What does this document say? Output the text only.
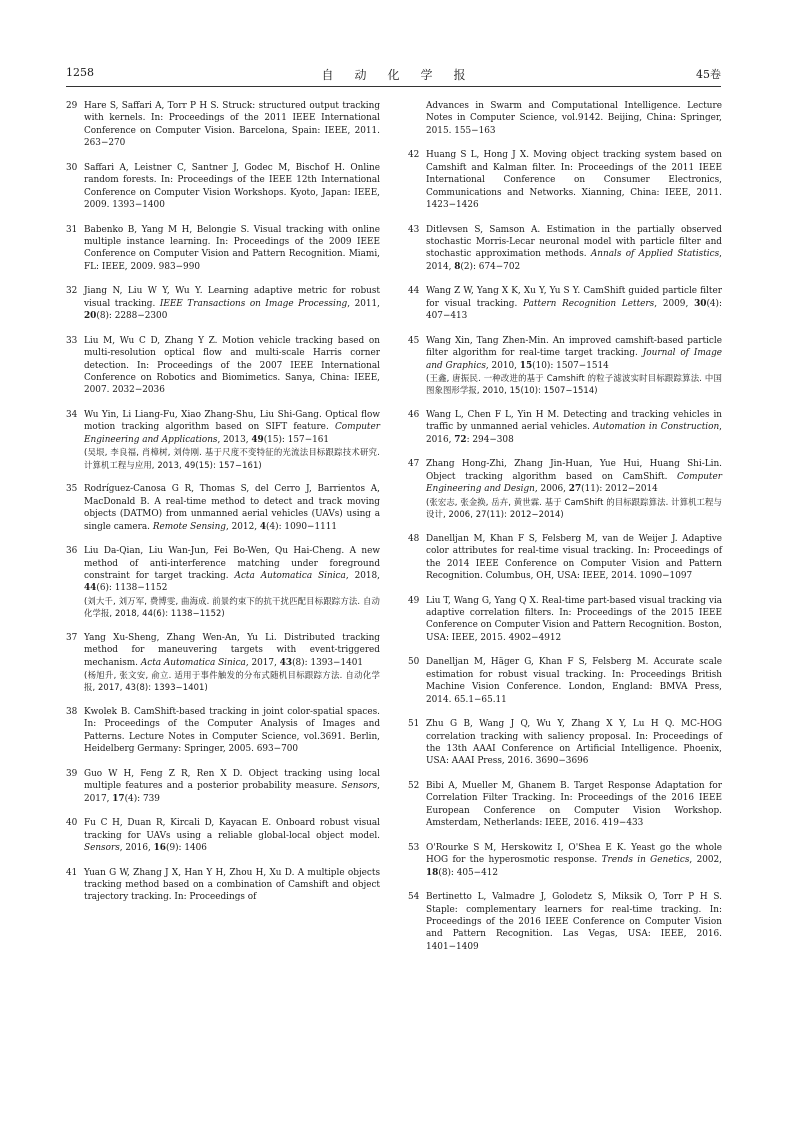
1258	自动化学报	45卷
29 Hare S, Saffari A, Torr P H S. Struck: structured output tracking with kernels. In: Proceedings of the 2011 IEEE International Conference on Computer Vision. Barcelona, Spain: IEEE, 2011. 263−270
30 Saffari A, Leistner C, Santner J, Godec M, Bischof H. Online random forests. In: Proceedings of the IEEE 12th International Conference on Computer Vision Workshops. Kyoto, Japan: IEEE, 2009. 1393−1400
31 Babenko B, Yang M H, Belongie S. Visual tracking with online multiple instance learning. In: Proceedings of the 2009 IEEE Conference on Computer Vision and Pattern Recognition. Miami, FL: IEEE, 2009. 983−990
32 Jiang N, Liu W Y, Wu Y. Learning adaptive metric for robust visual tracking. IEEE Transactions on Image Processing, 2011, 20(8): 2288−2300
33 Liu M, Wu C D, Zhang Y Z. Motion vehicle tracking based on multi-resolution optical flow and multi-scale Harris corner detection. In: Proceedings of the 2007 IEEE International Conference on Robotics and Biomimetics. Sanya, China: IEEE, 2007. 2032−2036
34 Wu Yin, Li Liang-Fu, Xiao Zhang-Shu, Liu Shi-Gang. Optical flow motion tracking algorithm based on SIFT feature. Computer Engineering and Applications, 2013, 49(15): 157−161
(吴垠, 李良福, 肖樟树, 刘侍刚. 基于尺度不变特征的光流法目标跟踪技术研究. 计算机工程与应用, 2013, 49(15): 157−161)
35 Rodríguez-Canosa G R, Thomas S, del Cerro J, Barrientos A, MacDonald B. A real-time method to detect and track moving objects (DATMO) from unmanned aerial vehicles (UAVs) using a single camera. Remote Sensing, 2012, 4(4): 1090−1111
36 Liu Da-Qian, Liu Wan-Jun, Fei Bo-Wen, Qu Hai-Cheng. A new method of anti-interference matching under foreground constraint for target tracking. Acta Automatica Sinica, 2018, 44(6): 1138−1152
(刘大千, 刘万军, 费博雯, 曲海成. 前景约束下的抗干扰匹配目标跟踪方法. 自动化学报, 2018, 44(6): 1138−1152)
37 Yang Xu-Sheng, Zhang Wen-An, Yu Li. Distributed tracking method for maneuvering targets with event-triggered mechanism. Acta Automatica Sinica, 2017, 43(8): 1393−1401
(杨旭升, 张文安, 俞立. 适用于事件触发的分布式随机目标跟踪方法. 自动化学报, 2017, 43(8): 1393−1401)
38 Kwolek B. CamShift-based tracking in joint color-spatial spaces. In: Proceedings of the Computer Analysis of Images and Patterns. Lecture Notes in Computer Science, vol.3691. Berlin, Heidelberg Germany: Springer, 2005. 693−700
39 Guo W H, Feng Z R, Ren X D. Object tracking using local multiple features and a posterior probability measure. Sensors, 2017, 17(4): 739
40 Fu C H, Duan R, Kircali D, Kayacan E. Onboard robust visual tracking for UAVs using a reliable global-local object model. Sensors, 2016, 16(9): 1406
41 Yuan G W, Zhang J X, Han Y H, Zhou H, Xu D. A multiple objects tracking method based on a combination of Camshift and object trajectory tracking. In: Proceedings of
Advances in Swarm and Computational Intelligence. Lecture Notes in Computer Science, vol.9142. Beijing, China: Springer, 2015. 155−163
42 Huang S L, Hong J X. Moving object tracking system based on Camshift and Kalman filter. In: Proceedings of the 2011 IEEE International Conference on Consumer Electronics, Communications and Networks. Xianning, China: IEEE, 2011. 1423−1426
43 Ditlevsen S, Samson A. Estimation in the partially observed stochastic Morris-Lecar neuronal model with particle filter and stochastic approximation methods. Annals of Applied Statistics, 2014, 8(2): 674−702
44 Wang Z W, Yang X K, Xu Y, Yu S Y. CamShift guided particle filter for visual tracking. Pattern Recognition Letters, 2009, 30(4): 407−413
45 Wang Xin, Tang Zhen-Min. An improved camshift-based particle filter algorithm for real-time target tracking. Journal of Image and Graphics, 2010, 15(10): 1507−1514
(王鑫, 唐振民. 一种改进的基于 Camshift 的粒子滤波实时目标跟踪算法. 中国图象图形学报, 2010, 15(10): 1507−1514)
46 Wang L, Chen F L, Yin H M. Detecting and tracking vehicles in traffic by unmanned aerial vehicles. Automation in Construction, 2016, 72: 294−308
47 Zhang Hong-Zhi, Zhang Jin-Huan, Yue Hui, Huang Shi-Lin. Object tracking algorithm based on CamShift. Computer Engineering and Design, 2006, 27(11): 2012−2014
(张宏志, 张金换, 岳卉, 黄世霖. 基于 CamShift 的目标跟踪算法. 计算机工程与设计, 2006, 27(11): 2012−2014)
48 Danelljan M, Khan F S, Felsberg M, van de Weijer J. Adaptive color attributes for real-time visual tracking. In: Proceedings of the 2014 IEEE Conference on Computer Vision and Pattern Recognition. Columbus, OH, USA: IEEE, 2014. 1090−1097
49 Liu T, Wang G, Yang Q X. Real-time part-based visual tracking via adaptive correlation filters. In: Proceedings of the 2015 IEEE Conference on Computer Vision and Pattern Recognition. Boston, USA: IEEE, 2015. 4902−4912
50 Danelljan M, Häger G, Khan F S, Felsberg M. Accurate scale estimation for robust visual tracking. In: Proceedings British Machine Vision Conference. London, England: BMVA Press, 2014. 65.1−65.11
51 Zhu G B, Wang J Q, Wu Y, Zhang X Y, Lu H Q. MC-HOG correlation tracking with saliency proposal. In: Proceedings of the 13th AAAI Conference on Artificial Intelligence. Phoenix, USA: AAAI Press, 2016. 3690−3696
52 Bibi A, Mueller M, Ghanem B. Target Response Adaptation for Correlation Filter Tracking. In: Proceedings of the 2016 IEEE European Conference on Computer Vision Workshop. Amsterdam, Netherlands: IEEE, 2016. 419−433
53 O'Rourke S M, Herskowitz I, O'Shea E K. Yeast go the whole HOG for the hyperosmotic response. Trends in Genetics, 2002, 18(8): 405−412
54 Bertinetto L, Valmadre J, Golodetz S, Miksik O, Torr P H S. Staple: complementary learners for real-time tracking. In: Proceedings of the 2016 IEEE Conference on Computer Vision and Pattern Recognition. Las Vegas, USA: IEEE, 2016. 1401−1409
